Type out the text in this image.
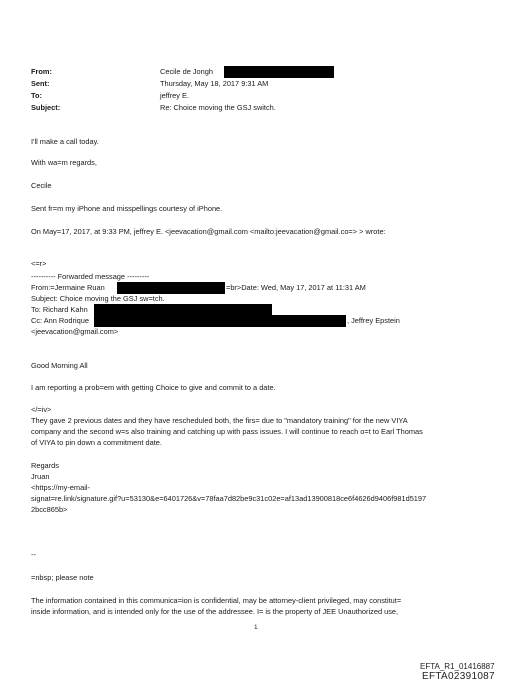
From:
Sent:
To:
Subject:
Cecile de Jongh
Thursday, May 18, 2017 9:31 AM
jeffrey E.
Re: Choice moving the GSJ switch.
I'll make a call today.
With wa=m regards,
Cecile
Sent fr=m my iPhone and misspellings courtesy of iPhone.
On May=17, 2017, at 9:33 PM, jeffrey E. <jeevacation@gmail.com <mailto:jeevacation@gmail.co=> > wrote:
<=r>
---------- Forwarded message ---------
From:=Jermaine Ruan	=br>Date: Wed, May 17, 2017 at 11:31 AM
Subject: Choice moving the GSJ sw=tch.
To: Richard Kahn
Cc: Ann Rodrique	, Jeffrey Epstein
<jeevacation@gmail.com>
Good Morning All
I am reporting a prob=em with getting Choice to give and commit to a date.
</=iv>
They gave 2 previous dates and they have rescheduled both, the firs= due to "mandatory training" for the new VIYA
company and the second w=s also training and catching up with pass issues. I will continue to reach o=t to Earl Thomas
of VIYA to pin down a commitment date.
Regards
Jruan
<https://my-email-
signat=re.link/signature.gif?u=53130&e=6401726&v=78faa7d82be9c31c02e=af13ad13900818ce6f4626d9406f981d5197
2bcc865b>
--
=nbsp; please note
The information contained in this communica=ion is confidential, may be attorney-client privileged, may constitut=
inside information, and is intended only for the use of the addressee. I= is the property of JEE Unauthorized use,
1
EFTA_R1_01416887
EFTA02391087
